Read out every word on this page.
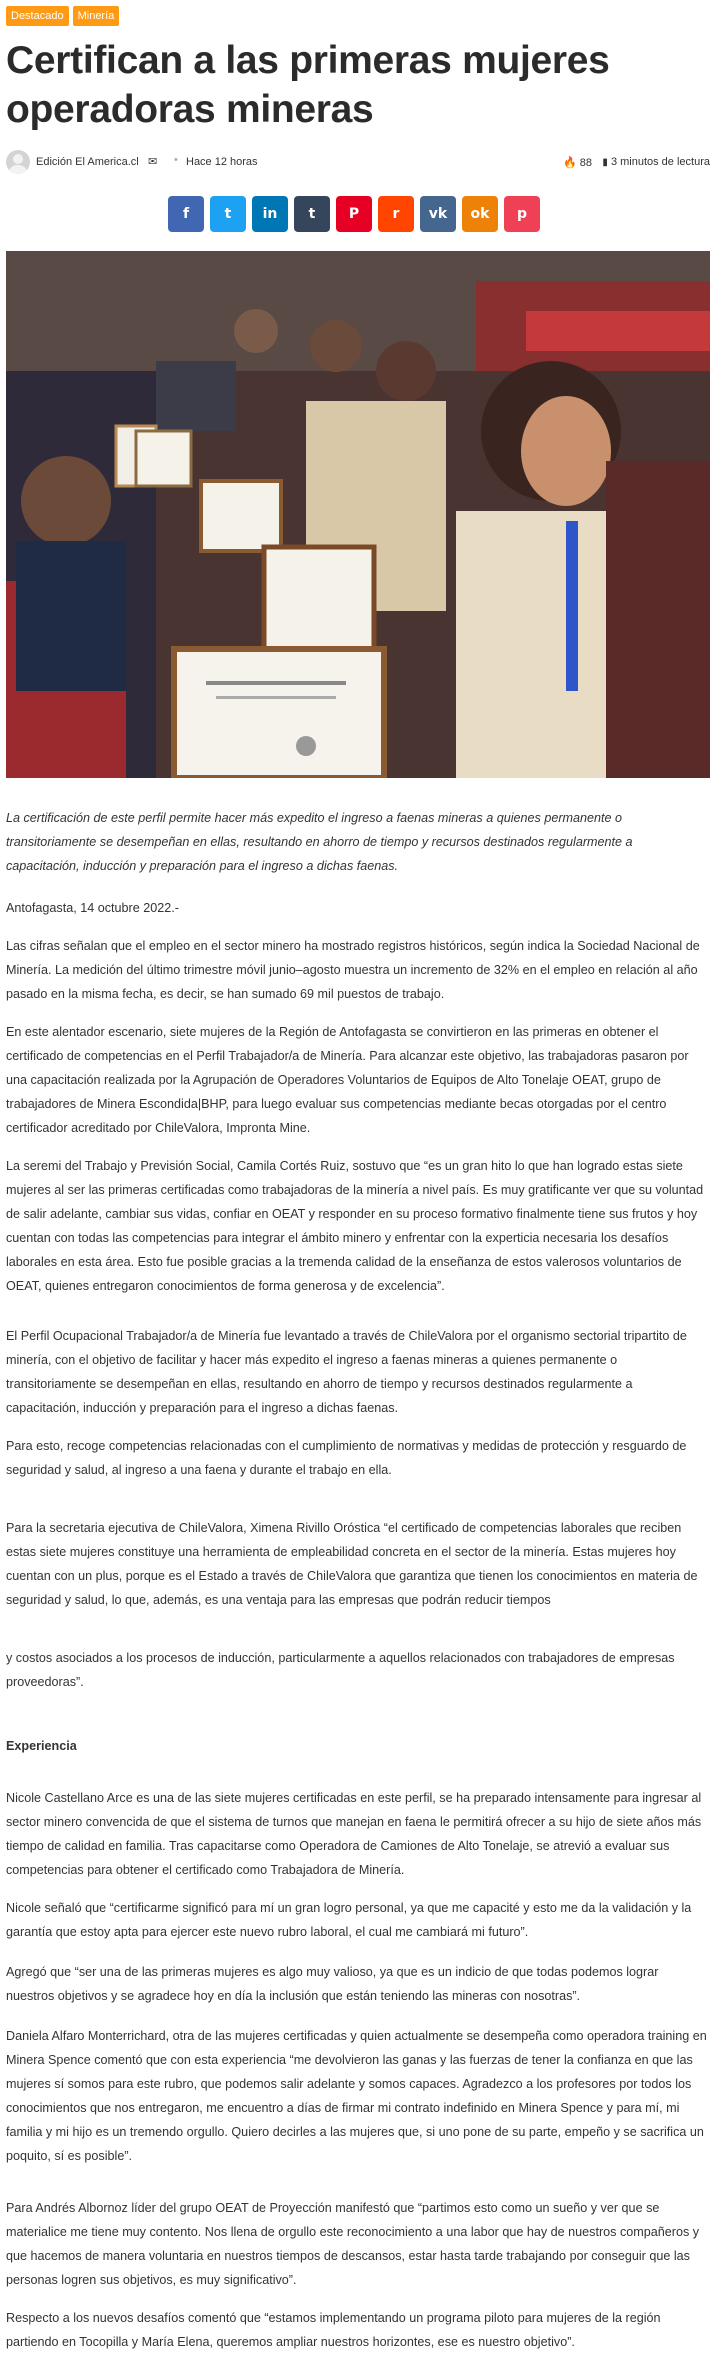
Destacado	Minería
Certifican a las primeras mujeres operadoras mineras
Edición El America.cl ✉ • Hace 12 horas	🔥 88 ▮ 3 minutos de lectura
f	t in t P r vk ok p

La certificación de este perfil permite hacer más expedito el ingreso a faenas mineras a quienes permanente o transitoriamente se desempeñan en ellas, resultando en ahorro de tiempo y recursos destinados regularmente a capacitación, inducción y preparación para el ingreso a dichas faenas.

Antofagasta, 14 octubre 2022.-

Las cifras señalan que el empleo en el sector minero ha mostrado registros históricos, según indica la Sociedad Nacional de Minería. La medición del último trimestre móvil junio–agosto muestra un incremento de 32% en el empleo en relación al año pasado en la misma fecha, es decir, se han sumado 69 mil puestos de trabajo.

En este alentador escenario, siete mujeres de la Región de Antofagasta se convirtieron en las primeras en obtener el certificado de competencias en el Perfil Trabajador/a de Minería. Para alcanzar este objetivo, las trabajadoras pasaron por una capacitación realizada por la Agrupación de Operadores Voluntarios de Equipos de Alto Tonelaje OEAT, grupo de trabajadores de Minera Escondida|BHP, para luego evaluar sus competencias mediante becas otorgadas por el centro certificador acreditado por ChileValora, Impronta Mine.

La seremi del Trabajo y Previsión Social, Camila Cortés Ruiz, sostuvo que “es un gran hito lo que han logrado estas siete mujeres al ser las primeras certificadas como trabajadoras de la minería a nivel país. Es muy gratificante ver que su voluntad de salir adelante, cambiar sus vidas, confiar en OEAT y responder en su proceso formativo finalmente tiene sus frutos y hoy cuentan con todas las competencias para integrar el ámbito minero y enfrentar con la experticia necesaria los desafíos laborales en esta área. Esto fue posible gracias a la tremenda calidad de la enseñanza de estos valerosos voluntarios de OEAT, quienes entregaron conocimientos de forma generosa y de excelencia”.

El Perfil Ocupacional Trabajador/a de Minería fue levantado a través de ChileValora por el organismo sectorial tripartito de minería, con el objetivo de facilitar y hacer más expedito el ingreso a faenas mineras a quienes permanente o transitoriamente se desempeñan en ellas, resultando en ahorro de tiempo y recursos destinados regularmente a capacitación, inducción y preparación para el ingreso a dichas faenas.

Para esto, recoge competencias relacionadas con el cumplimiento de normativas y medidas de protección y resguardo de seguridad y salud, al ingreso a una faena y durante el trabajo en ella.

Para la secretaria ejecutiva de ChileValora, Ximena Rivillo Oróstica “el certificado de competencias laborales que reciben estas siete mujeres constituye una herramienta de empleabilidad concreta en el sector de la minería. Estas mujeres hoy cuentan con un plus, porque es el Estado a través de ChileValora que garantiza que tienen los conocimientos en materia de seguridad y salud, lo que, además, es una ventaja para las empresas que podrán reducir tiempos

y costos asociados a los procesos de inducción, particularmente a aquellos relacionados con trabajadores de empresas proveedoras”.

Experiencia

Nicole Castellano Arce es una de las siete mujeres certificadas en este perfil, se ha preparado intensamente para ingresar al sector minero convencida de que el sistema de turnos que manejan en faena le permitirá ofrecer a su hijo de siete años más tiempo de calidad en familia. Tras capacitarse como Operadora de Camiones de Alto Tonelaje, se atrevió a evaluar sus competencias para obtener el certificado como Trabajadora de Minería.

Nicole señaló que “certificarme significó para mí un gran logro personal, ya que me capacité y esto me da la validación y la garantía que estoy apta para ejercer este nuevo rubro laboral, el cual me cambiará mi futuro”.

Agregó que “ser una de las primeras mujeres es algo muy valioso, ya que es un indicio de que todas podemos lograr nuestros objetivos y se agradece hoy en día la inclusión que están teniendo las mineras con nosotras”.

Daniela Alfaro Monterrichard, otra de las mujeres certificadas y quien actualmente se desempeña como operadora training en Minera Spence comentó que con esta experiencia “me devolvieron las ganas y las fuerzas de tener la confianza en que las mujeres sí somos para este rubro, que podemos salir adelante y somos capaces. Agradezco a los profesores por todos los conocimientos que nos entregaron, me encuentro a días de firmar mi contrato indefinido en Minera Spence y para mí, mi familia y mi hijo es un tremendo orgullo. Quiero decirles a las mujeres que, si uno pone de su parte, empeño y se sacrifica un poquito, sí es posible”.

Para Andrés Albornoz líder del grupo OEAT de Proyección manifestó que “partimos esto como un sueño y ver que se materialice me tiene muy contento. Nos llena de orgullo este reconocimiento a una labor que hay de nuestros compañeros y que hacemos de manera voluntaria en nuestros tiempos de descansos, estar hasta tarde trabajando por conseguir que las personas logren sus objetivos, es muy significativo”.

Respecto a los nuevos desafíos comentó que “estamos implementando un programa piloto para mujeres de la región partiendo en Tocopilla y María Elena, queremos ampliar nuestros horizontes, ese es nuestro objetivo”.
